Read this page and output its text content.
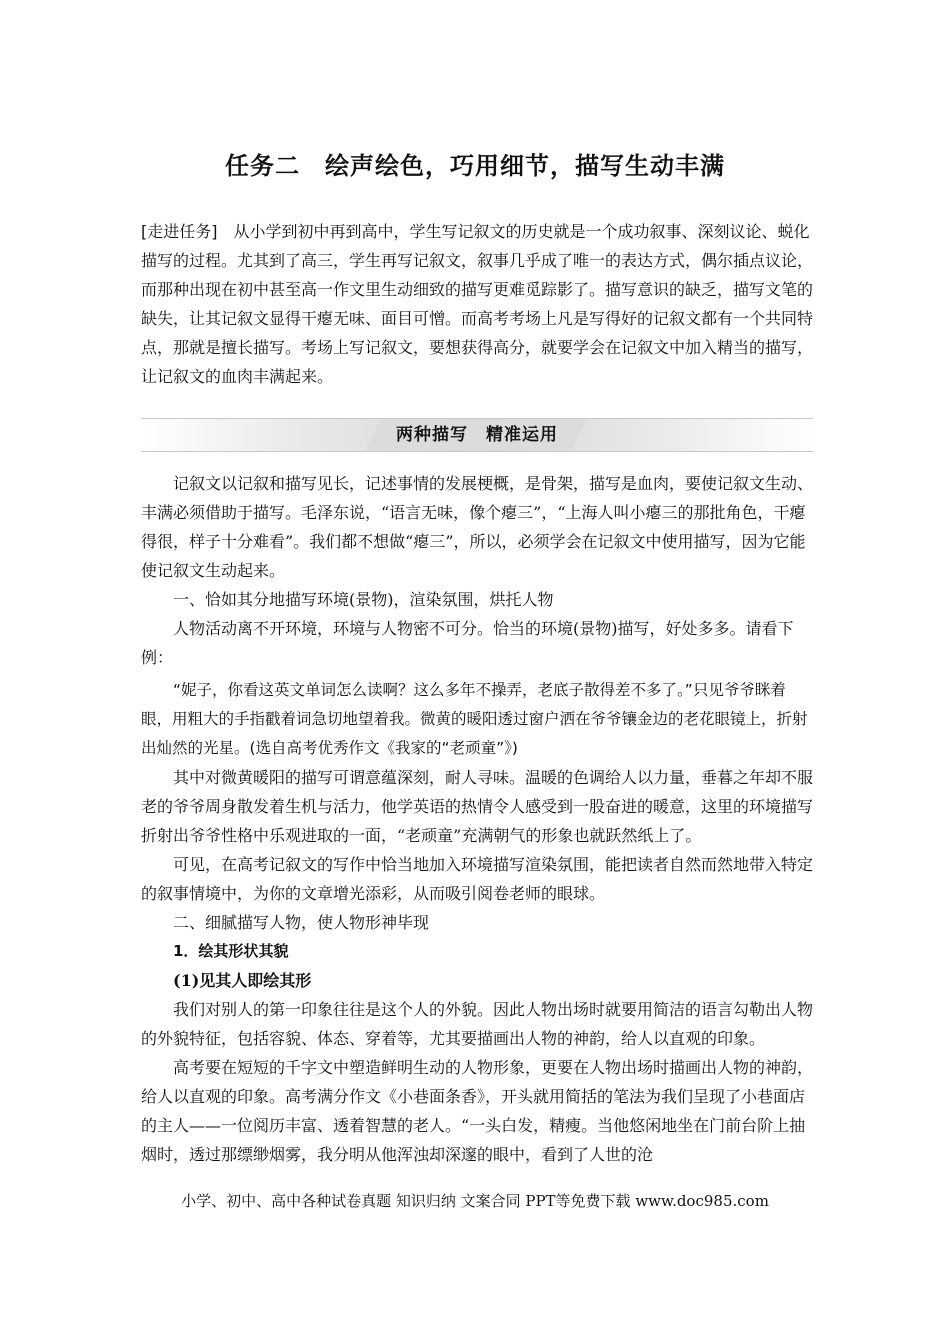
任务二　绘声绘色，巧用细节，描写生动丰满

[走进任务]　从小学到初中再到高中，学生写记叙文的历史就是一个成功叙事、深刻议论、蜕化描写的过程。尤其到了高三，学生再写记叙文，叙事几乎成了唯一的表达方式，偶尔插点议论，而那种出现在初中甚至高一作文里生动细致的描写更难觅踪影了。描写意识的缺乏，描写文笔的缺失，让其记叙文显得干瘪无味、面目可憎。而高考考场上凡是写得好的记叙文都有一个共同特点，那就是擅长描写。考场上写记叙文，要想获得高分，就要学会在记叙文中加入精当的描写，让记叙文的血肉丰满起来。

两种描写　精准运用

记叙文以记叙和描写见长，记述事情的发展梗概，是骨架，描写是血肉，要使记叙文生动、丰满必须借助于描写。毛泽东说，“语言无味，像个瘪三”，“上海人叫小瘪三的那批角色，干瘪得很，样子十分难看”。我们都不想做“瘪三”，所以，必须学会在记叙文中使用描写，因为它能使记叙文生动起来。

一、恰如其分地描写环境(景物)，渲染氛围，烘托人物

人物活动离不开环境，环境与人物密不可分。恰当的环境(景物)描写，好处多多。请看下例：

“妮子，你看这英文单词怎么读啊？这么多年不操弄，老底子散得差不多了。”只见爷爷眯着眼，用粗大的手指戳着词急切地望着我。微黄的暖阳透过窗户洒在爷爷镶金边的老花眼镜上，折射出灿然的光星。(选自高考优秀作文《我家的“老顽童”》)

其中对微黄暖阳的描写可谓意蕴深刻，耐人寻味。温暖的色调给人以力量，垂暮之年却不服老的爷爷周身散发着生机与活力，他学英语的热情令人感受到一股奋进的暖意，这里的环境描写折射出爷爷性格中乐观进取的一面，“老顽童”充满朝气的形象也就跃然纸上了。

可见，在高考记叙文的写作中恰当地加入环境描写渲染氛围，能把读者自然而然地带入特定的叙事情境中，为你的文章增光添彩，从而吸引阅卷老师的眼球。

二、细腻描写人物，使人物形神毕现

1．绘其形状其貌

(1)见其人即绘其形

我们对别人的第一印象往往是这个人的外貌。因此人物出场时就要用简洁的语言勾勒出人物的外貌特征，包括容貌、体态、穿着等，尤其要描画出人物的神韵，给人以直观的印象。

高考要在短短的千字文中塑造鲜明生动的人物形象，更要在人物出场时描画出人物的神韵，给人以直观的印象。高考满分作文《小巷面条香》，开头就用简括的笔法为我们呈现了小巷面店的主人——一位阅历丰富、透着智慧的老人。“一头白发，精瘦。当他悠闲地坐在门前台阶上抽烟时，透过那缥缈烟雾，我分明从他浑浊却深邃的眼中，看到了人世的沧

小学、初中、高中各种试卷真题 知识归纳 文案合同 PPT等免费下载 www.doc985.com
